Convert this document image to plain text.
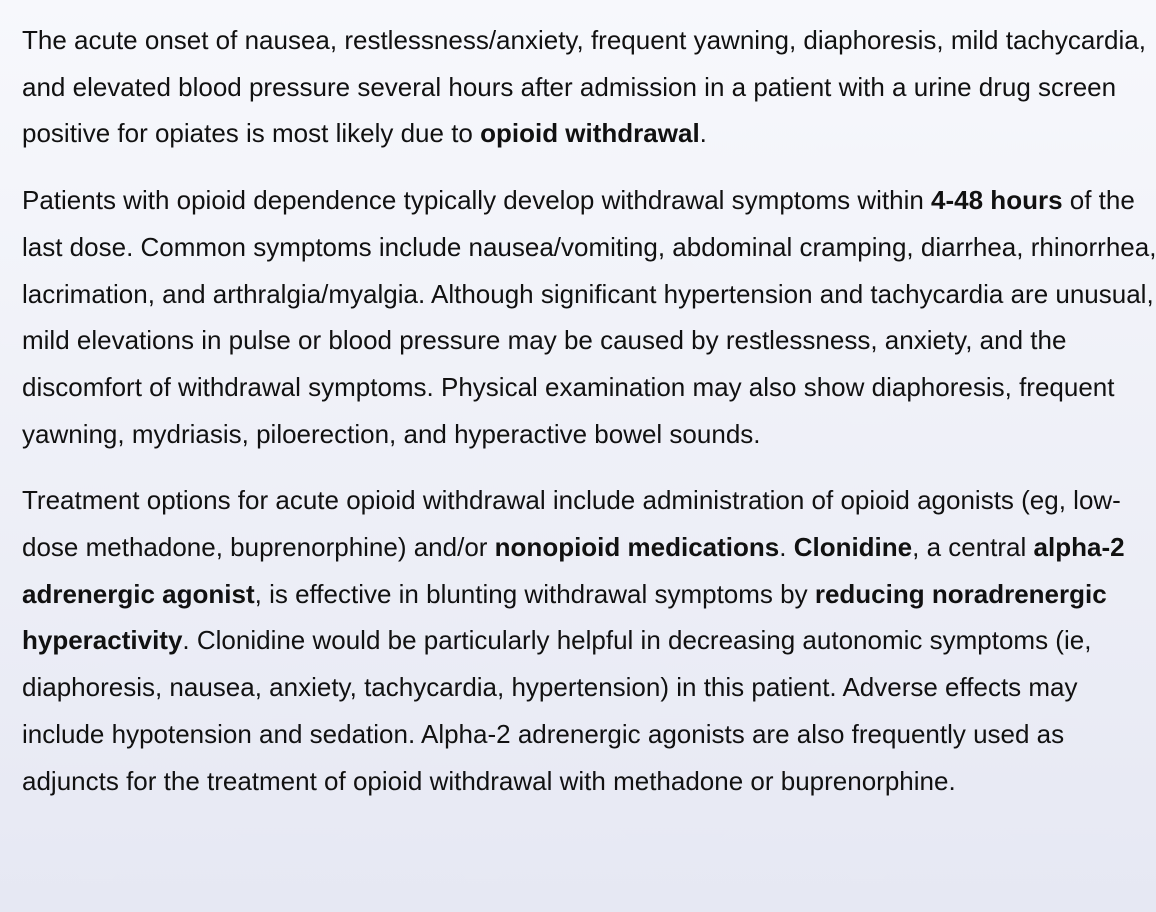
The acute onset of nausea, restlessness/anxiety, frequent yawning, diaphoresis, mild tachycardia, and elevated blood pressure several hours after admission in a patient with a urine drug screen positive for opiates is most likely due to opioid withdrawal.

Patients with opioid dependence typically develop withdrawal symptoms within 4-48 hours of the last dose. Common symptoms include nausea/vomiting, abdominal cramping, diarrhea, rhinorrhea, lacrimation, and arthralgia/myalgia. Although significant hypertension and tachycardia are unusual, mild elevations in pulse or blood pressure may be caused by restlessness, anxiety, and the discomfort of withdrawal symptoms. Physical examination may also show diaphoresis, frequent yawning, mydriasis, piloerection, and hyperactive bowel sounds.

Treatment options for acute opioid withdrawal include administration of opioid agonists (eg, low-dose methadone, buprenorphine) and/or nonopioid medications. Clonidine, a central alpha-2 adrenergic agonist, is effective in blunting withdrawal symptoms by reducing noradrenergic hyperactivity. Clonidine would be particularly helpful in decreasing autonomic symptoms (ie, diaphoresis, nausea, anxiety, tachycardia, hypertension) in this patient. Adverse effects may include hypotension and sedation. Alpha-2 adrenergic agonists are also frequently used as adjuncts for the treatment of opioid withdrawal with methadone or buprenorphine.
